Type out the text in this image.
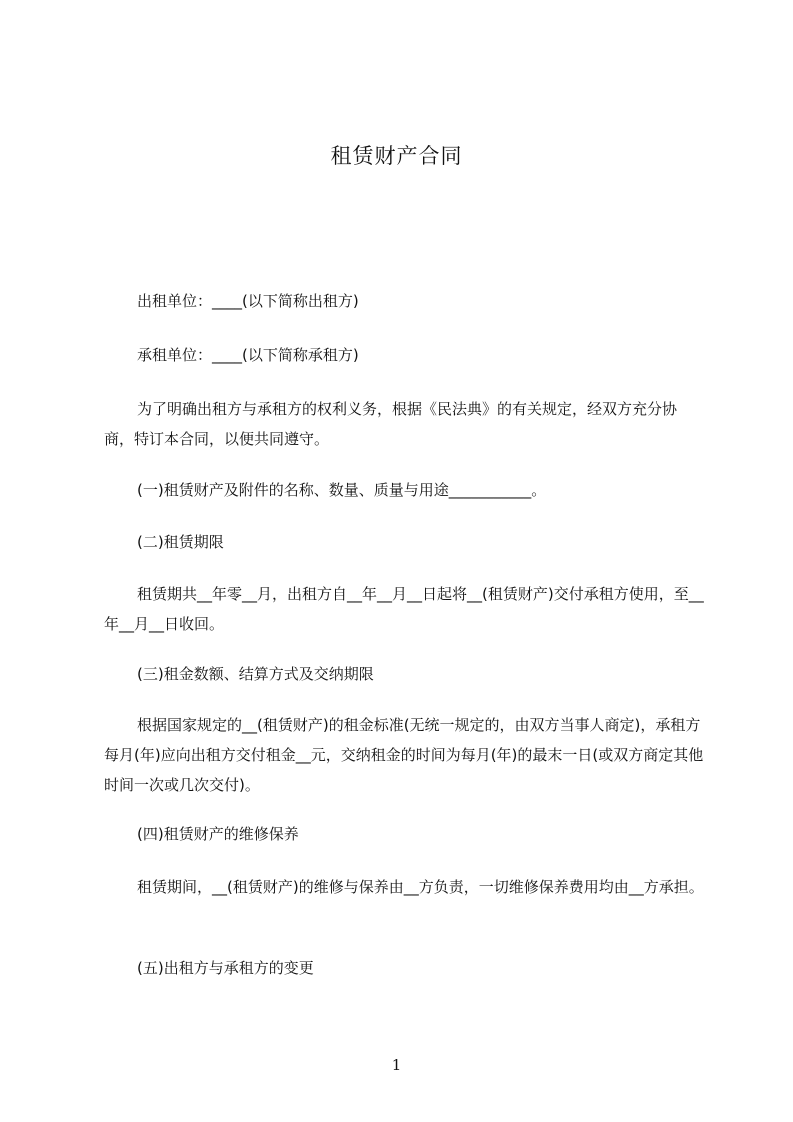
租赁财产合同
出租单位：____(以下简称出租方)
承租单位：____(以下简称承租方)
为了明确出租方与承租方的权利义务，根据《民法典》的有关规定，经双方充分协商，特订本合同，以便共同遵守。
(一)租赁财产及附件的名称、数量、质量与用途___________。
(二)租赁期限
租赁期共__年零__月，出租方自__年__月__日起将__(租赁财产)交付承租方使用，至__年__月__日收回。
(三)租金数额、结算方式及交纳期限
根据国家规定的__(租赁财产)的租金标准(无统一规定的，由双方当事人商定)，承租方每月(年)应向出租方交付租金__元，交纳租金的时间为每月(年)的最末一日(或双方商定其他时间一次或几次交付)。
(四)租赁财产的维修保养
租赁期间，__(租赁财产)的维修与保养由__方负责，一切维修保养费用均由__方承担。
(五)出租方与承租方的变更
1
